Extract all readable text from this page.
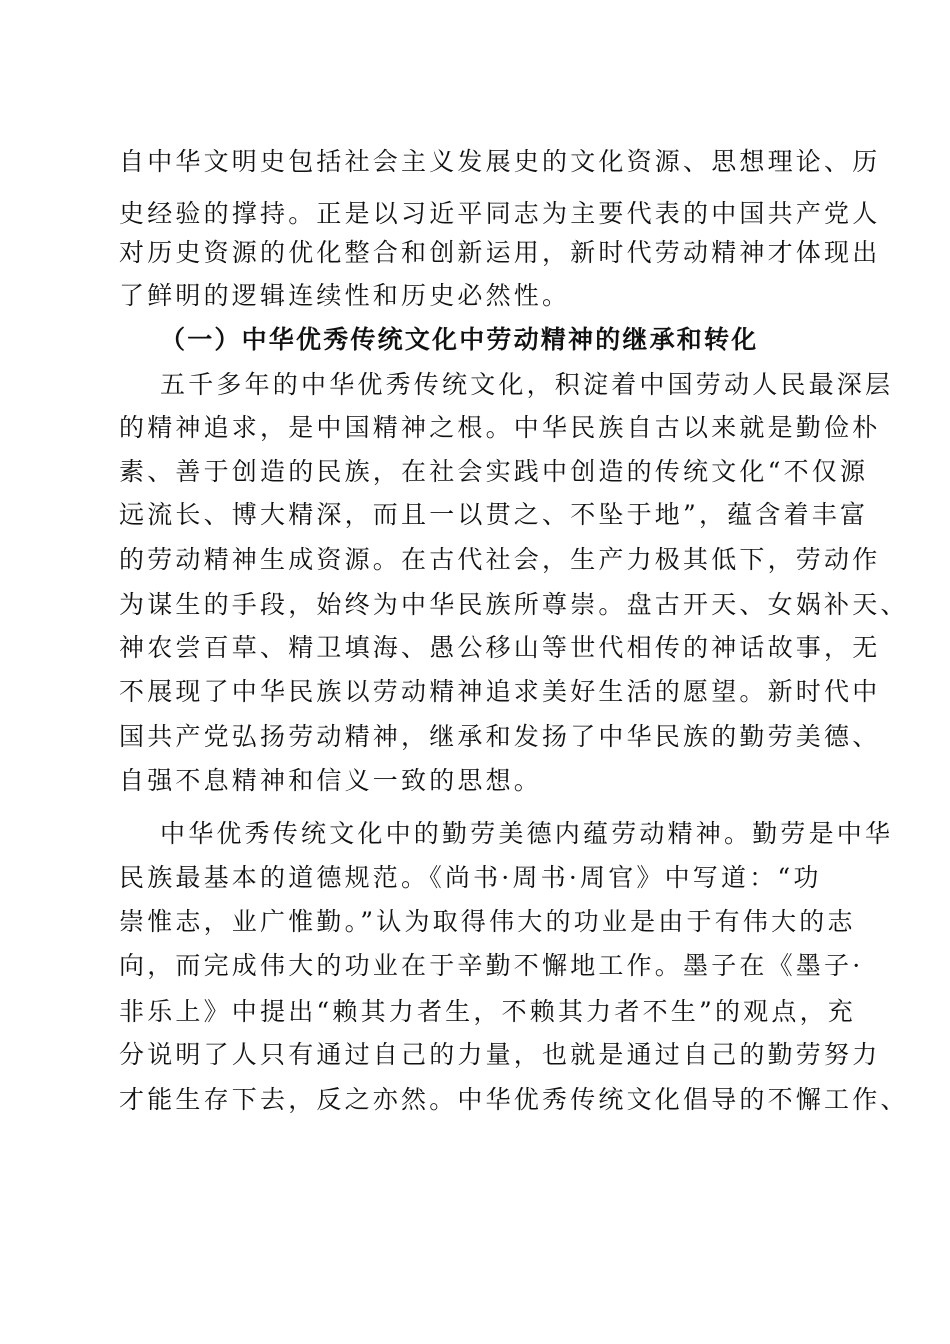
自中华文明史包括社会主义发展史的文化资源、思想理论、历
史经验的撑持。正是以习近平同志为主要代表的中国共产党人
对历史资源的优化整合和创新运用，新时代劳动精神才体现出
了鲜明的逻辑连续性和历史必然性。
（一）中华优秀传统文化中劳动精神的继承和转化
五千多年的中华优秀传统文化，积淀着中国劳动人民最深层
的精神追求，是中国精神之根。中华民族自古以来就是勤俭朴
素、善于创造的民族，在社会实践中创造的传统文化“不仅源
远流长、博大精深，而且一以贯之、不坠于地”，蕴含着丰富
的劳动精神生成资源。在古代社会，生产力极其低下，劳动作
为谋生的手段，始终为中华民族所尊崇。盘古开天、女娲补天、
神农尝百草、精卫填海、愚公移山等世代相传的神话故事，无
不展现了中华民族以劳动精神追求美好生活的愿望。新时代中
国共产党弘扬劳动精神，继承和发扬了中华民族的勤劳美德、
自强不息精神和信义一致的思想。
中华优秀传统文化中的勤劳美德内蕴劳动精神。勤劳是中华
民族最基本的道德规范。《尚书·周书·周官》中写道：“功
崇惟志，业广惟勤。”认为取得伟大的功业是由于有伟大的志
向，而完成伟大的功业在于辛勤不懈地工作。墨子在《墨子·
非乐上》中提出“赖其力者生，不赖其力者不生”的观点，充
分说明了人只有通过自己的力量，也就是通过自己的勤劳努力
才能生存下去，反之亦然。中华优秀传统文化倡导的不懈工作、
